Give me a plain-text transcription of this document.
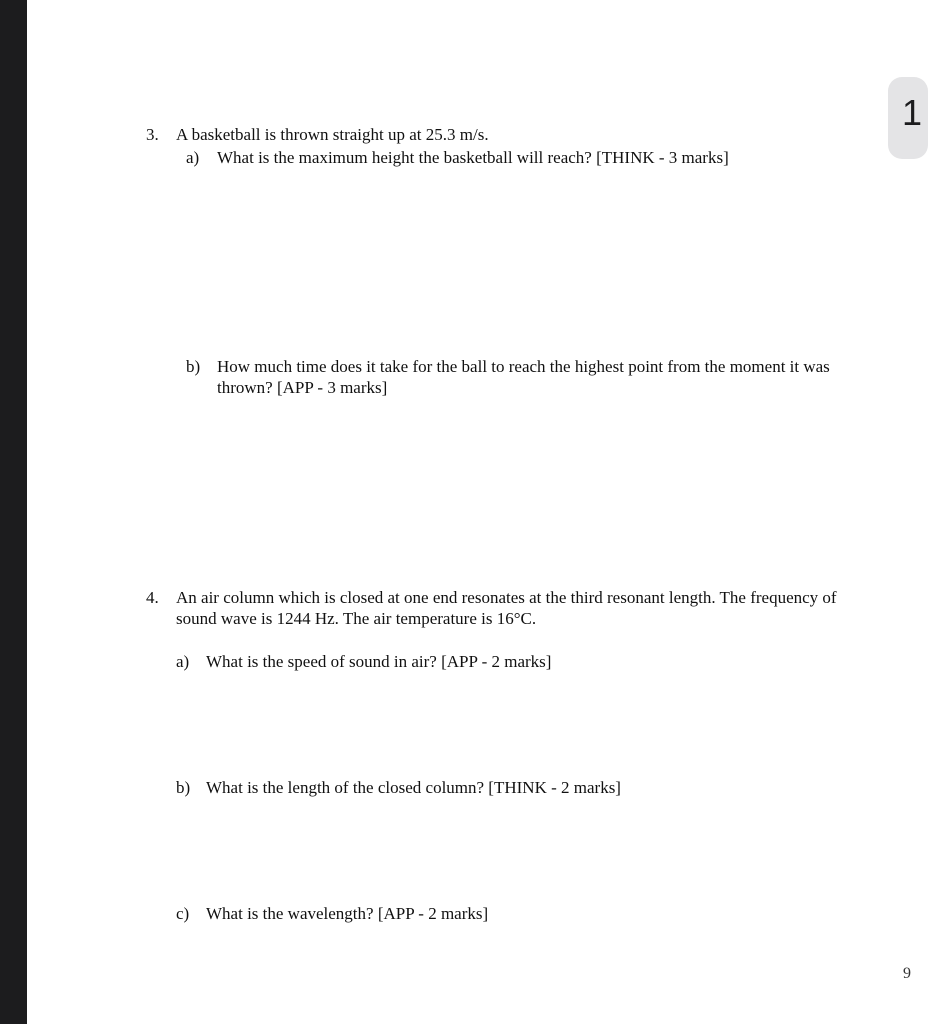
1
3. A basketball is thrown straight up at 25.3 m/s.
a) What is the maximum height the basketball will reach? [THINK - 3 marks]
b) How much time does it take for the ball to reach the highest point from the moment it was
thrown? [APP - 3 marks]
4. An air column which is closed at one end resonates at the third resonant length. The frequency of
sound wave is 1244 Hz. The air temperature is 16°C.
a) What is the speed of sound in air? [APP - 2 marks]
b) What is the length of the closed column? [THINK - 2 marks]
c) What is the wavelength? [APP - 2 marks]
9
